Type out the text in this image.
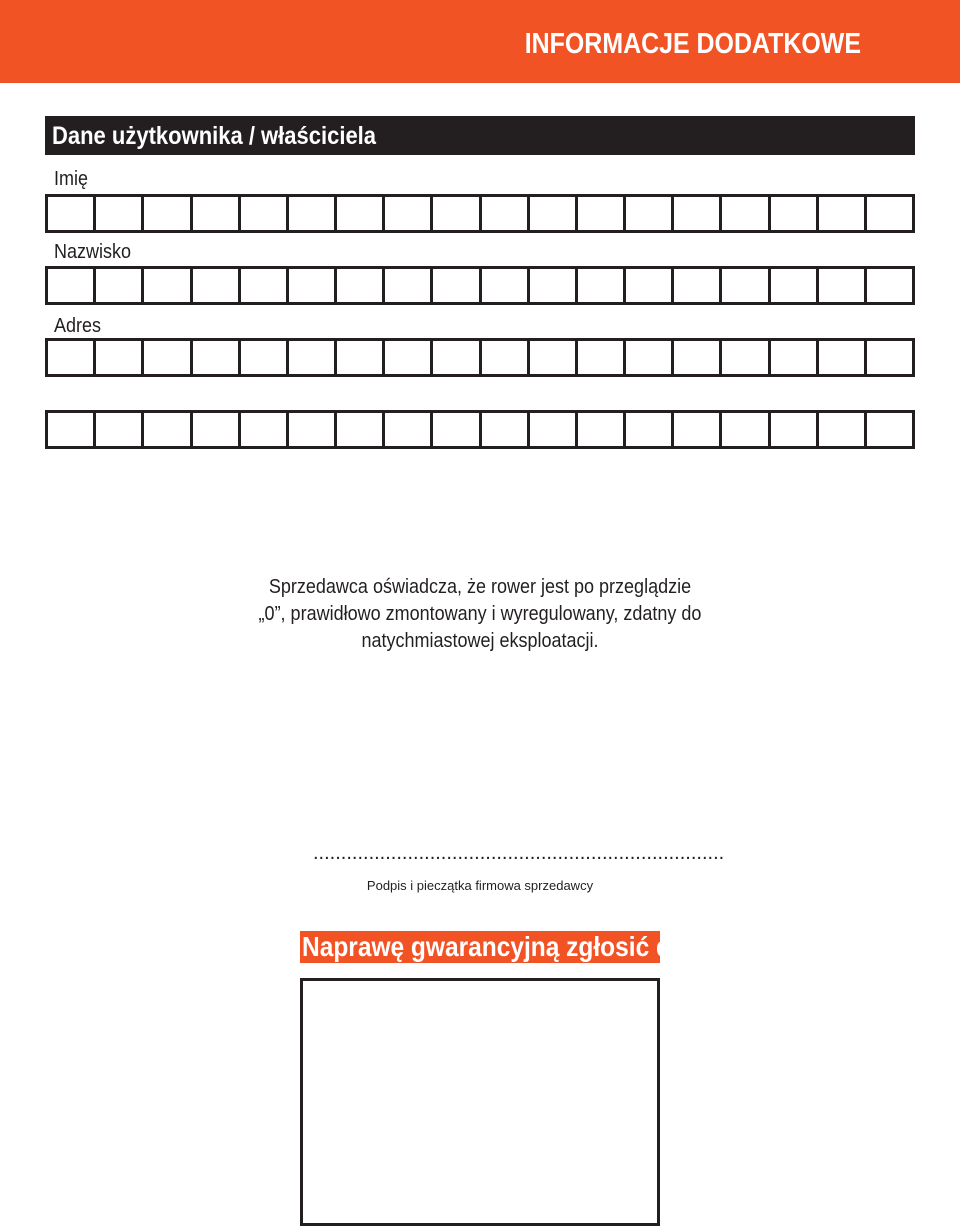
INFORMACJE DODATKOWE
Dane użytkownika / właściciela
Imię
Nazwisko
Adres
Sprzedawca oświadcza, że rower jest po przeglądzie
„0”, prawidłowo zmontowany i wyregulowany, zdatny do
natychmiastowej eksploatacji.
..........................................................................
Podpis i pieczątka firmowa sprzedawcy
Naprawę gwarancyjną zgłosić do:
